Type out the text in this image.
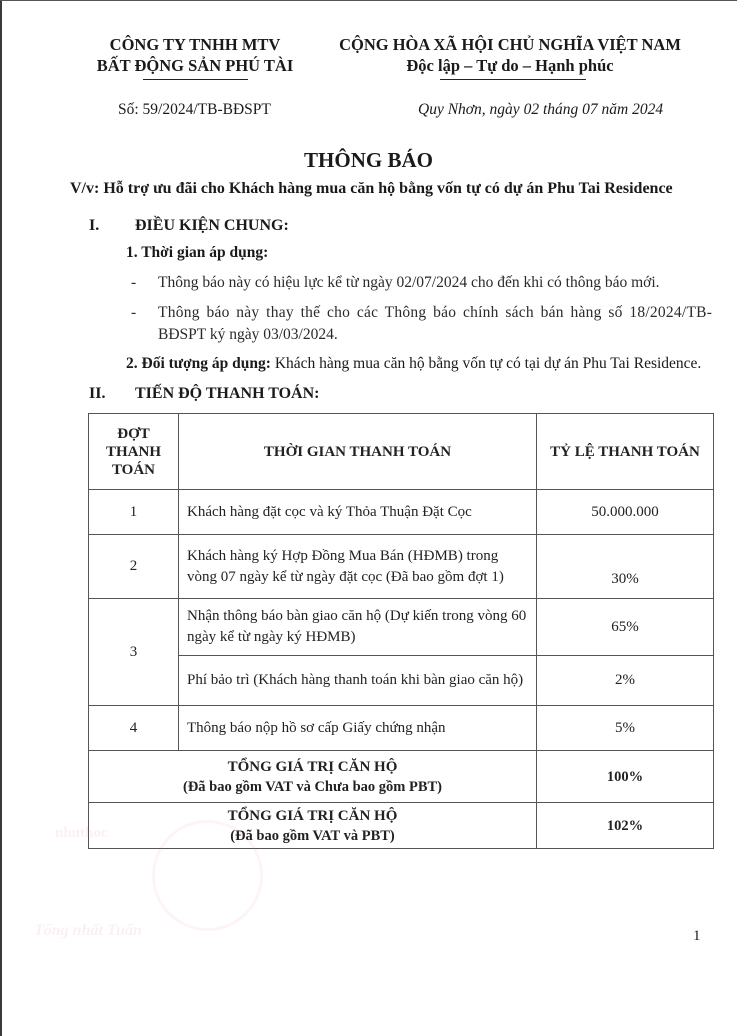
CÔNG TY TNHH MTV
BẤT ĐỘNG SẢN PHÚ TÀI
CỘNG HÒA XÃ HỘI CHỦ NGHĨA VIỆT NAM
Độc lập – Tự do – Hạnh phúc
Số: 59/2024/TB-BĐSPT	Quy Nhơn, ngày 02 tháng 07 năm 2024
THÔNG BÁO
V/v: Hỗ trợ ưu đãi cho Khách hàng mua căn hộ bằng vốn tự có dự án Phu Tai Residence
I. ĐIỀU KIỆN CHUNG:
1. Thời gian áp dụng:
- Thông báo này có hiệu lực kể từ ngày 02/07/2024 cho đến khi có thông báo mới.
- Thông báo này thay thế cho các Thông báo chính sách bán hàng số 18/2024/TB-
BĐSPT ký ngày 03/03/2024.
2. Đối tượng áp dụng: Khách hàng mua căn hộ bằng vốn tự có tại dự án Phu Tai Residence.
II. TIẾN ĐỘ THANH TOÁN:
ĐỢT
THANH
TOÁN	THỜI GIAN THANH TOÁN	TỶ LỆ THANH TOÁN
1	Khách hàng đặt cọc và ký Thỏa Thuận Đặt Cọc	50.000.000
2	Khách hàng ký Hợp Đồng Mua Bán (HĐMB) trong vòng 07 ngày kể từ ngày đặt cọc (Đã bao gồm đợt 1)	30%
3	Nhận thông báo bàn giao căn hộ (Dự kiến trong vòng 60 ngày kể từ ngày ký HĐMB)	65%
	Phí bảo trì (Khách hàng thanh toán khi bàn giao căn hộ)	2%
4	Thông báo nộp hồ sơ cấp Giấy chứng nhận	5%

TỔNG GIÁ TRỊ CĂN HỘ
(Đã bao gồm VAT và Chưa bao gồm PBT)		100%

TỔNG GIÁ TRỊ CĂN HỘ
(Đã bao gồm VAT và PBT)		102%
nhuthoc
Tổng nhất Tuấn	1
